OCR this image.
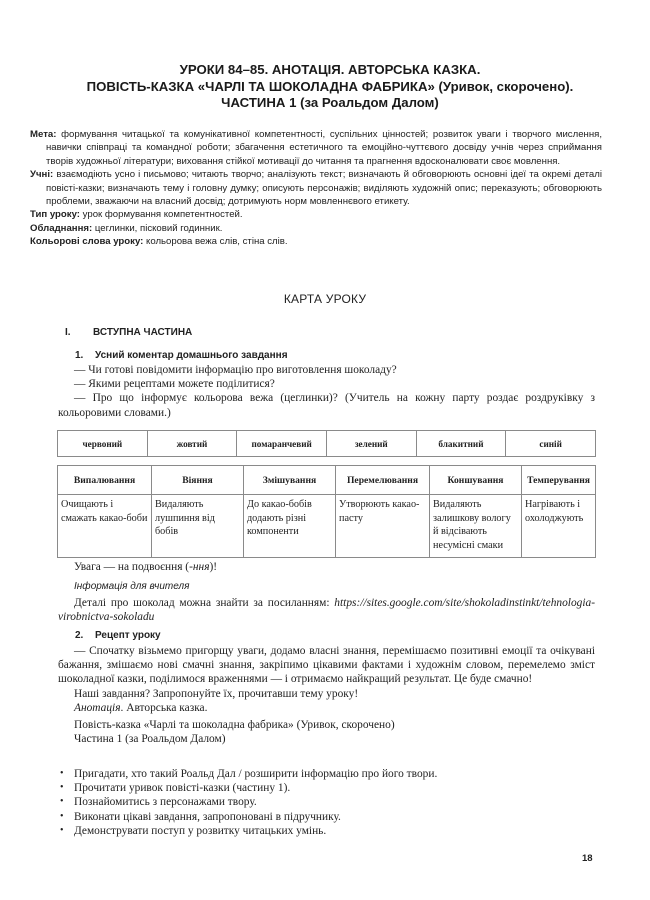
УРОКИ 84–85. АНОТАЦІЯ. АВТОРСЬКА КАЗКА.
ПОВІСТЬ-КАЗКА «ЧАРЛІ ТА ШОКОЛАДНА ФАБРИКА» (Уривок, скорочено).
ЧАСТИНА 1 (за Роальдом Далом)

Мета: формування читацької та комунікативної компетентності, суспільних цінностей; розвиток уваги і творчого мислення, навички співпраці та командної роботи; збагачення естетичного та емоційно-чуттєвого досвіду учнів через сприймання творів художньої літератури; виховання стійкої мотивації до читання та прагнення вдосконалювати своє мовлення.

Учні: взаємодіють усно і письмово; читають творчо; аналізують текст; визначають й обговорюють основні ідеї та окремі деталі повісті-казки; визначають тему і головну думку; описують персонажів; виділяють художній опис; переказують; обговорюють проблеми, зважаючи на власний досвід; дотримують норм мовленнєвого етикету.

Тип уроку: урок формування компетентностей.

Обладнання: цеглинки, пісковий годинник.

Кольорові слова уроку: кольорова вежа слів, стіна слів.

КАРТА УРОКУ
I. ВСТУПНА ЧАСТИНА
1. Усний коментар домашнього завдання

— Чи готові повідомити інформацію про виготовлення шоколаду?

— Якими рецептами можете поділитися?

— Про що інформує кольорова вежа (цеглинки)? (Учитель на кожну парту роздає роздруківку з кольоровими словами.)

червоний	жовтий	помаранчевий	зелений	блакитний	синій
Випалювання	Віяння	Змішування	Перемелювання	Коншування	Темперування
Очищають і смажать какао-боби	Видаляють лушпиння від бобів	До какао-бобів додають різні компоненти	Утворюють какао-пасту	Видаляють залишкову вологу й відсівають несумісні смаки	Нагрівають і охолоджують

Увага — на подвоєння (-ння)!

Інформація для вчителя

Деталі про шоколад можна знайти за посиланням: https://sites.google.com/site/shokoladinstinkt/tehnologia-virobnictva-sokoladu

2. Рецепт уроку

— Спочатку візьмемо пригорщу уваги, додамо власні знання, перемішаємо позитивні емоції та очікувані бажання, змішаємо нові смачні знання, закріпимо цікавими фактами і художнім словом, перемелемо зміст шоколадної казки, поділимося враженнями — і отримаємо найкращий результат. Це буде смачно!

Наші завдання? Запропонуйте їх, прочитавши тему уроку!

Анотація. Авторська казка.

Повість-казка «Чарлі та шоколадна фабрика» (Уривок, скорочено)

Частина 1 (за Роальдом Далом)

• Пригадати, хто такий Роальд Дал / розширити інформацію про його твори.
• Прочитати уривок повісті-казки (частину 1).
• Познайомитись з персонажами твору.
• Виконати цікаві завдання, запропоновані в підручнику.
• Демонструвати поступ у розвитку читацьких умінь.
18
